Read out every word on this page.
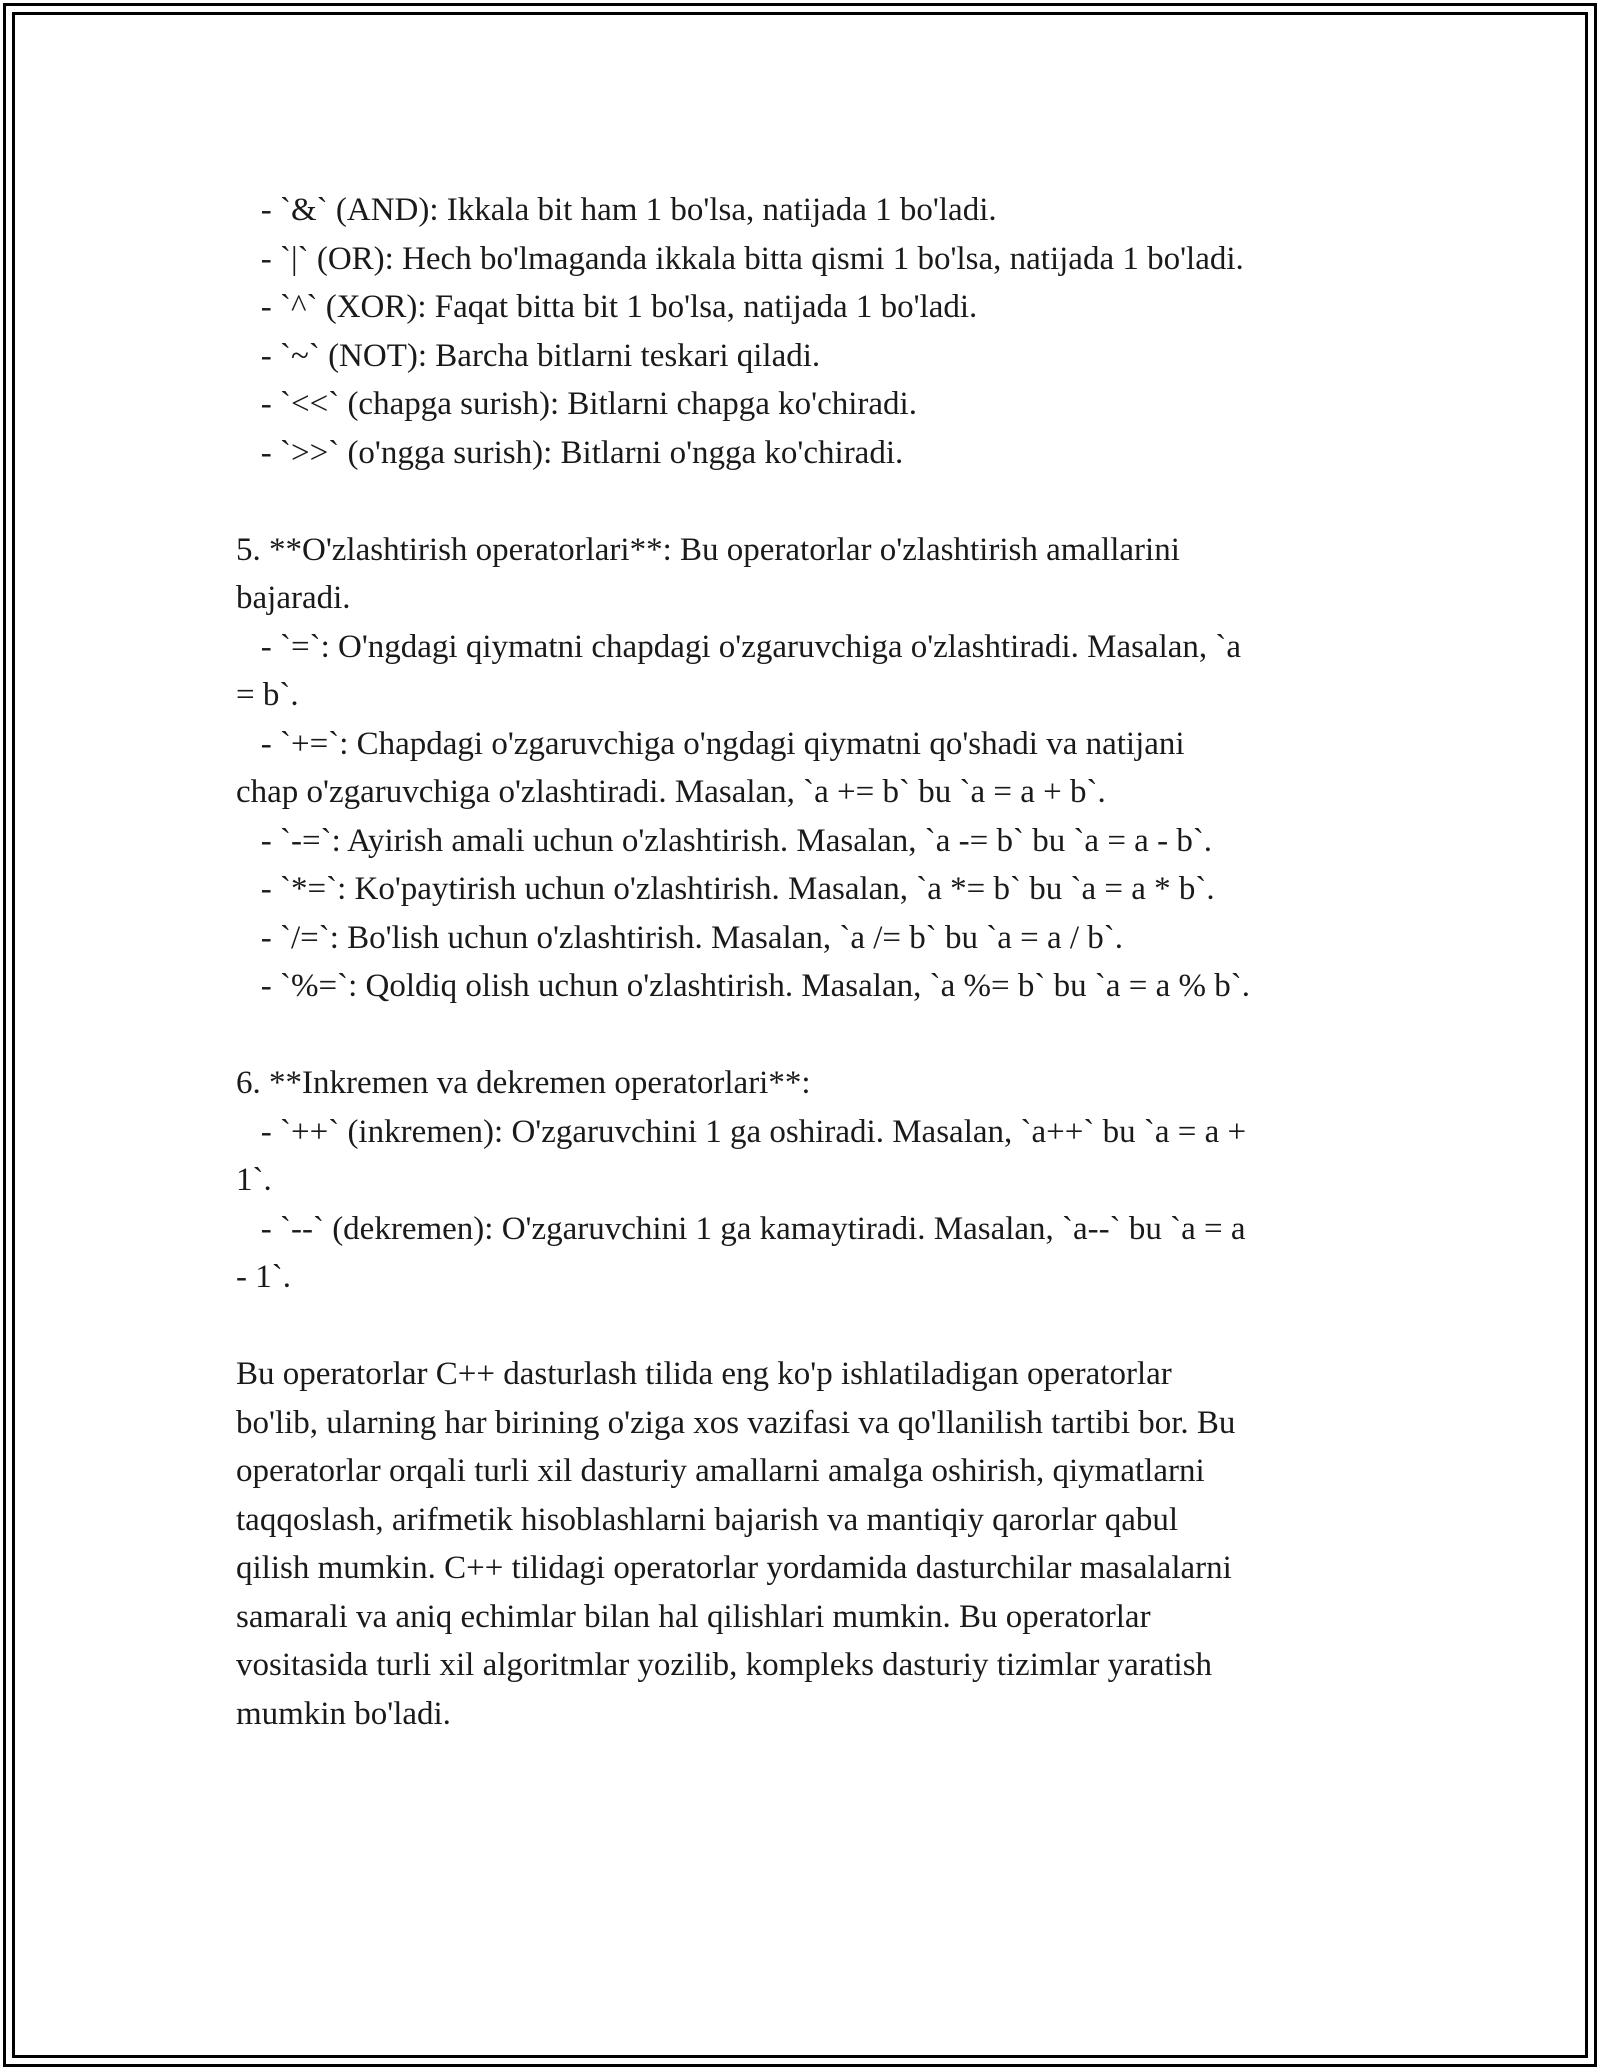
- `&` (AND): Ikkala bit ham 1 bo'lsa, natijada 1 bo'ladi.

- `|` (OR): Hech bo'lmaganda ikkala bitta qismi 1 bo'lsa, natijada 1 bo'ladi.

- `^` (XOR): Faqat bitta bit 1 bo'lsa, natijada 1 bo'ladi.

- `~` (NOT): Barcha bitlarni teskari qiladi.

- `<<` (chapga surish): Bitlarni chapga ko'chiradi.

- `>>` (o'ngga surish): Bitlarni o'ngga ko'chiradi.

5. **O'zlashtirish operatorlari**: Bu operatorlar o'zlashtirish amallarini

bajaradi.

- `=`: O'ngdagi qiymatni chapdagi o'zgaruvchiga o'zlashtiradi. Masalan, `a

= b`.

- `+=`: Chapdagi o'zgaruvchiga o'ngdagi qiymatni qo'shadi va natijani

chap o'zgaruvchiga o'zlashtiradi. Masalan, `a += b` bu `a = a + b`.

- `-=`: Ayirish amali uchun o'zlashtirish. Masalan, `a -= b` bu `a = a - b`.

- `*=`: Ko'paytirish uchun o'zlashtirish. Masalan, `a *= b` bu `a = a * b`.

- `/=`: Bo'lish uchun o'zlashtirish. Masalan, `a /= b` bu `a = a / b`.

- `%=`: Qoldiq olish uchun o'zlashtirish. Masalan, `a %= b` bu `a = a % b`.

6. **Inkremen va dekremen operatorlari**:

- `++` (inkremen): O'zgaruvchini 1 ga oshiradi. Masalan, `a++` bu `a = a +

1`.

- `--` (dekremen): O'zgaruvchini 1 ga kamaytiradi. Masalan, `a--` bu `a = a

- 1`.

Bu operatorlar C++ dasturlash tilida eng ko'p ishlatiladigan operatorlar

bo'lib, ularning har birining o'ziga xos vazifasi va qo'llanilish tartibi bor. Bu

operatorlar orqali turli xil dasturiy amallarni amalga oshirish, qiymatlarni

taqqoslash, arifmetik hisoblashlarni bajarish va mantiqiy qarorlar qabul

qilish mumkin. C++ tilidagi operatorlar yordamida dasturchilar masalalarni

samarali va aniq echimlar bilan hal qilishlari mumkin. Bu operatorlar

vositasida turli xil algoritmlar yozilib, kompleks dasturiy tizimlar yaratish

mumkin bo'ladi.
